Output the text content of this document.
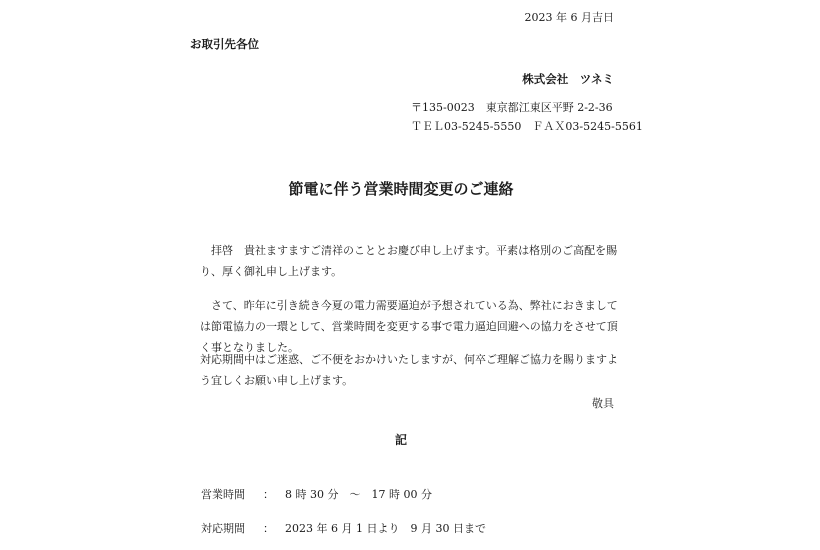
2023 年 6 月吉日
お取引先各位
株式会社　ツネミ
〒135-0023　東京都江東区平野 2-2-36
ＴＥＬ03-5245-5550　ＦＡＸ03-5245-5561
節電に伴う営業時間変更のご連絡
　拝啓　貴社ますますご清祥のこととお慶び申し上げます。平素は格別のご高配を賜り、厚く御礼申し上げます。
　さて、昨年に引き続き今夏の電力需要逼迫が予想されている為、弊社におきましては節電協力の一環として、営業時間を変更する事で電力逼迫回避への協力をさせて頂く事となりました。
対応期間中はご迷惑、ご不便をおかけいたしますが、何卒ご理解ご協力を賜りますよう宜しくお願い申し上げます。
敬具
記
営業時間 ： 8 時 30 分　～　17 時 00 分
対応期間 ： 2023 年 6 月 1 日より　9 月 30 日まで
